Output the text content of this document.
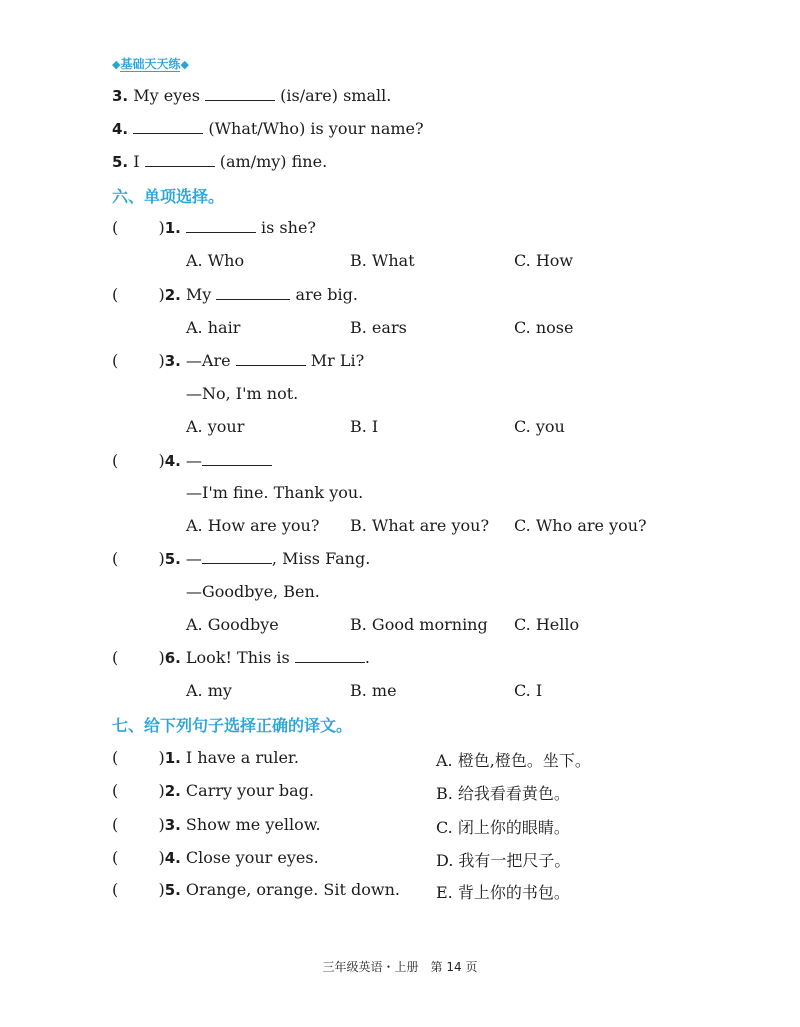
◆基础天天练◆
3. My eyes	(is/are) small.
4.	(What/Who) is your name?
5. I	(am/my) fine.
六、单项选择。
(	)1.	is she?
A. Who	B. What	C. How
(	)2. My	are big.
A. hair	B. ears	C. nose
(	)3. —Are	Mr Li?
—No, I'm not.
A. your	B. I	C. you
(	)4. —
—I'm fine. Thank you.
A. How are you? B. What are you? C. Who are you?
(	)5. —	, Miss Fang.
—Goodbye, Ben.
A. Goodbye	B. Good morning C. Hello
(	)6. Look! This is	.
A. my	B. me	C. I
七、给下列句子选择正确的译文。
(	)1. I have a ruler.	A. 橙色,橙色。坐下。
(	)2. Carry your bag.	B. 给我看看黄色。
(	)3. Show me yellow.	C. 闭上你的眼睛。
(	)4. Close your eyes.	D. 我有一把尺子。
(	)5. Orange, orange. Sit down. E. 背上你的书包。
三年级英语・上册　第 14 页
